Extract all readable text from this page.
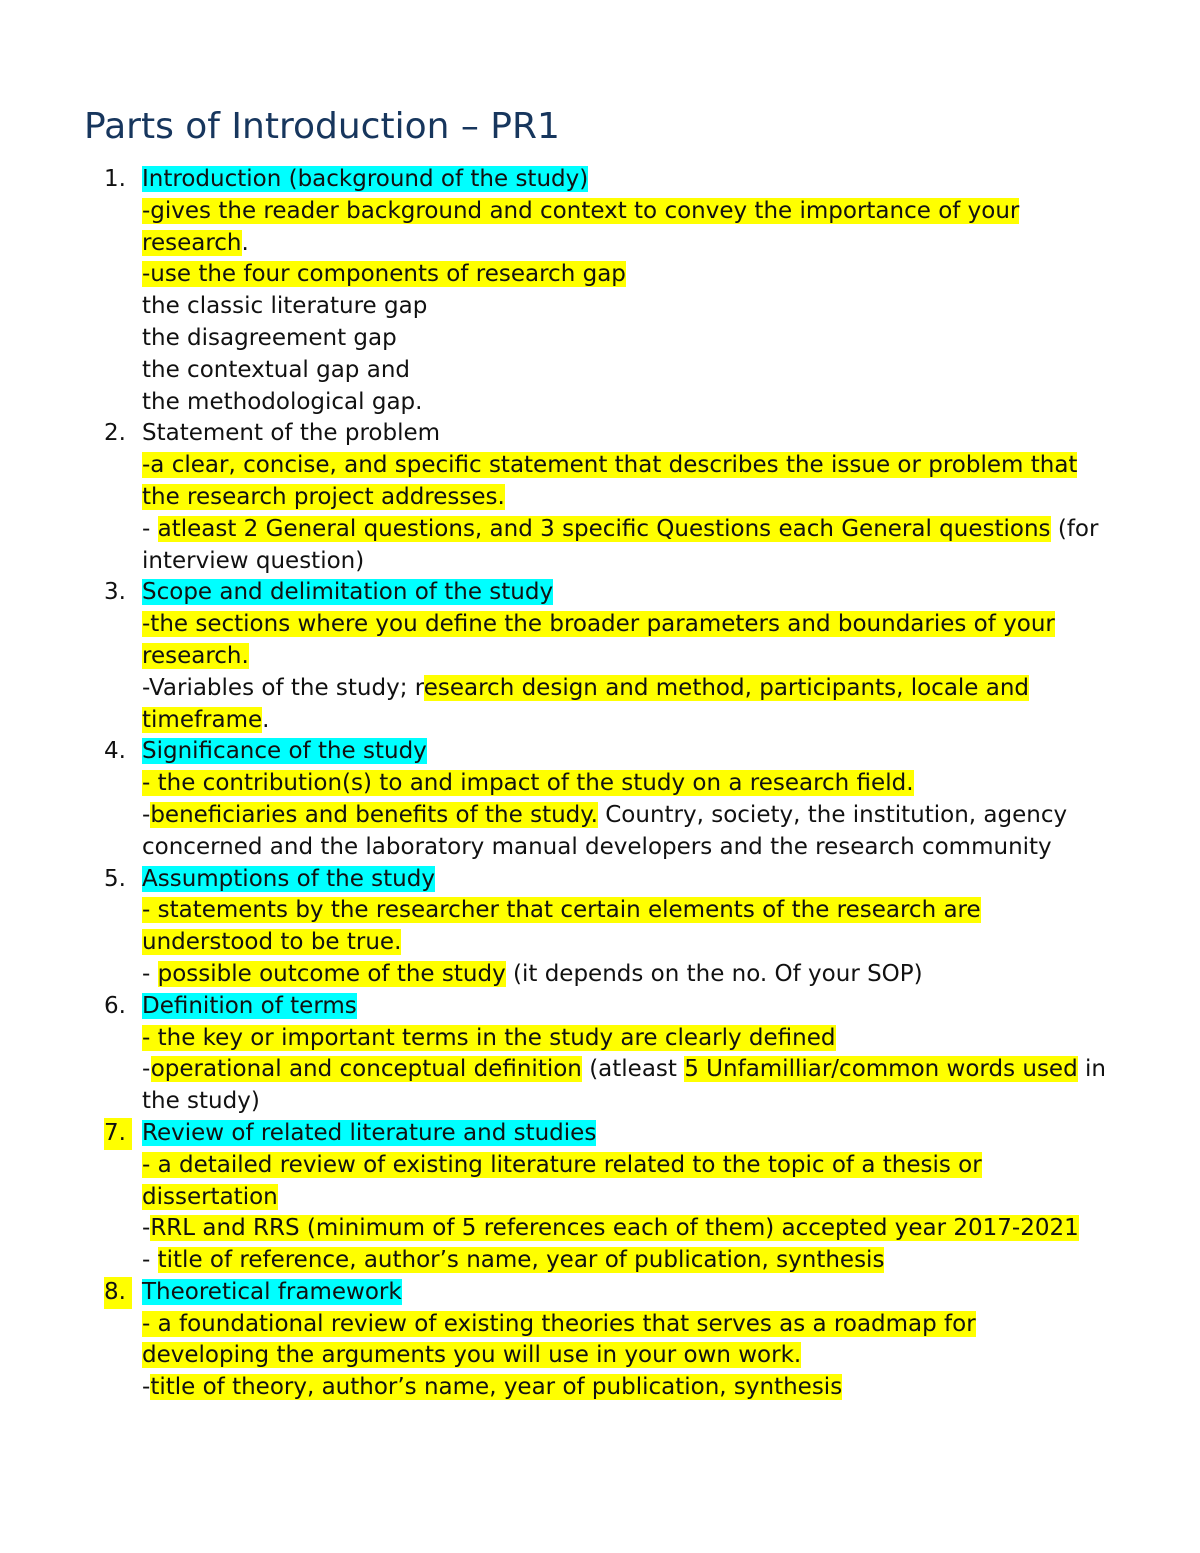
Parts of Introduction – PR1
1. Introduction (background of the study)
-gives the reader background and context to convey the importance of your
research.
-use the four components of research gap
the classic literature gap
the disagreement gap
the contextual gap and
the methodological gap.
2. Statement of the problem
-a clear, concise, and specific statement that describes the issue or problem that
the research project addresses.
- atleast 2 General questions, and 3 specific Questions each General questions (for
interview question)
3. Scope and delimitation of the study
-the sections where you define the broader parameters and boundaries of your
research.
-Variables of the study; research design and method, participants, locale and
timeframe.
4. Significance of the study
- the contribution(s) to and impact of the study on a research field.
-beneficiaries and benefits of the study. Country, society, the institution, agency
concerned and the laboratory manual developers and the research community
5. Assumptions of the study
- statements by the researcher that certain elements of the research are
understood to be true.
- possible outcome of the study (it depends on the no. Of your SOP)
6. Definition of terms
- the key or important terms in the study are clearly defined
-operational and conceptual definition (atleast 5 Unfamilliar/common words used in
the study)
7. Review of related literature and studies
- a detailed review of existing literature related to the topic of a thesis or
dissertation
-RRL and RRS (minimum of 5 references each of them) accepted year 2017-2021
- title of reference, author’s name, year of publication, synthesis
8. Theoretical framework
- a foundational review of existing theories that serves as a roadmap for
developing the arguments you will use in your own work.
-title of theory, author’s name, year of publication, synthesis
